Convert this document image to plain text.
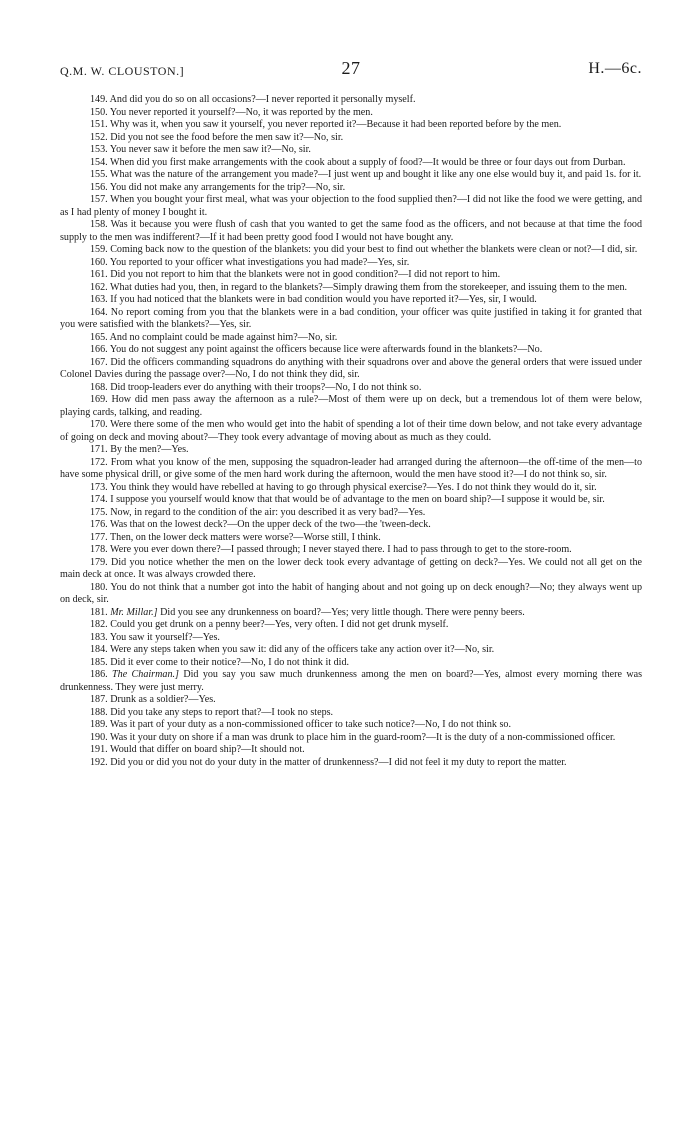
Q.M. W. CLOUSTON.]	27	H.—6c.

149. And did you do so on all occasions?—I never reported it personally myself.

150. You never reported it yourself?—No, it was reported by the men.

151. Why was it, when you saw it yourself, you never reported it?—Because it had been reported before by the men.

152. Did you not see the food before the men saw it?—No, sir.

153. You never saw it before the men saw it?—No, sir.

154. When did you first make arrangements with the cook about a supply of food?—It would be three or four days out from Durban.

155. What was the nature of the arrangement you made?—I just went up and bought it like any one else would buy it, and paid 1s. for it.

156. You did not make any arrangements for the trip?—No, sir.

157. When you bought your first meal, what was your objection to the food supplied then?—I did not like the food we were getting, and as I had plenty of money I bought it.

158. Was it because you were flush of cash that you wanted to get the same food as the officers, and not because at that time the food supply to the men was indifferent?—If it had been pretty good food I would not have bought any.

159. Coming back now to the question of the blankets: you did your best to find out whether the blankets were clean or not?—I did, sir.

160. You reported to your officer what investigations you had made?—Yes, sir.

161. Did you not report to him that the blankets were not in good condition?—I did not report to him.

162. What duties had you, then, in regard to the blankets?—Simply drawing them from the storekeeper, and issuing them to the men.

163. If you had noticed that the blankets were in bad condition would you have reported it?—Yes, sir, I would.

164. No report coming from you that the blankets were in a bad condition, your officer was quite justified in taking it for granted that you were satisfied with the blankets?—Yes, sir.

165. And no complaint could be made against him?—No, sir.

166. You do not suggest any point against the officers because lice were afterwards found in the blankets?—No.

167. Did the officers commanding squadrons do anything with their squadrons over and above the general orders that were issued under Colonel Davies during the passage over?—No, I do not think they did, sir.

168. Did troop-leaders ever do anything with their troops?—No, I do not think so.

169. How did men pass away the afternoon as a rule?—Most of them were up on deck, but a tremendous lot of them were below, playing cards, talking, and reading.

170. Were there some of the men who would get into the habit of spending a lot of their time down below, and not take every advantage of going on deck and moving about?—They took every advantage of moving about as much as they could.

171. By the men?—Yes.

172. From what you know of the men, supposing the squadron-leader had arranged during the afternoon—the off-time of the men—to have some physical drill, or give some of the men hard work during the afternoon, would the men have stood it?—I do not think so, sir.

173. You think they would have rebelled at having to go through physical exercise?—Yes. I do not think they would do it, sir.

174. I suppose you yourself would know that that would be of advantage to the men on board ship?—I suppose it would be, sir.

175. Now, in regard to the condition of the air: you described it as very bad?—Yes.

176. Was that on the lowest deck?—On the upper deck of the two—the 'tween-deck.

177. Then, on the lower deck matters were worse?—Worse still, I think.

178. Were you ever down there?—I passed through; I never stayed there. I had to pass through to get to the store-room.

179. Did you notice whether the men on the lower deck took every advantage of getting on deck?—Yes. We could not all get on the main deck at once. It was always crowded there.

180. You do not think that a number got into the habit of hanging about and not going up on deck enough?—No; they always went up on deck, sir.

181. Mr. Millar.] Did you see any drunkenness on board?—Yes; very little though. There were penny beers.

182. Could you get drunk on a penny beer?—Yes, very often. I did not get drunk myself.

183. You saw it yourself?—Yes.

184. Were any steps taken when you saw it: did any of the officers take any action over it?—No, sir.

185. Did it ever come to their notice?—No, I do not think it did.

186. The Chairman.] Did you say you saw much drunkenness among the men on board?—Yes, almost every morning there was drunkenness. They were just merry.

187. Drunk as a soldier?—Yes.

188. Did you take any steps to report that?—I took no steps.

189. Was it part of your duty as a non-commissioned officer to take such notice?—No, I do not think so.

190. Was it your duty on shore if a man was drunk to place him in the guard-room?—It is the duty of a non-commissioned officer.

191. Would that differ on board ship?—It should not.

192. Did you or did you not do your duty in the matter of drunkenness?—I did not feel it my duty to report the matter.
